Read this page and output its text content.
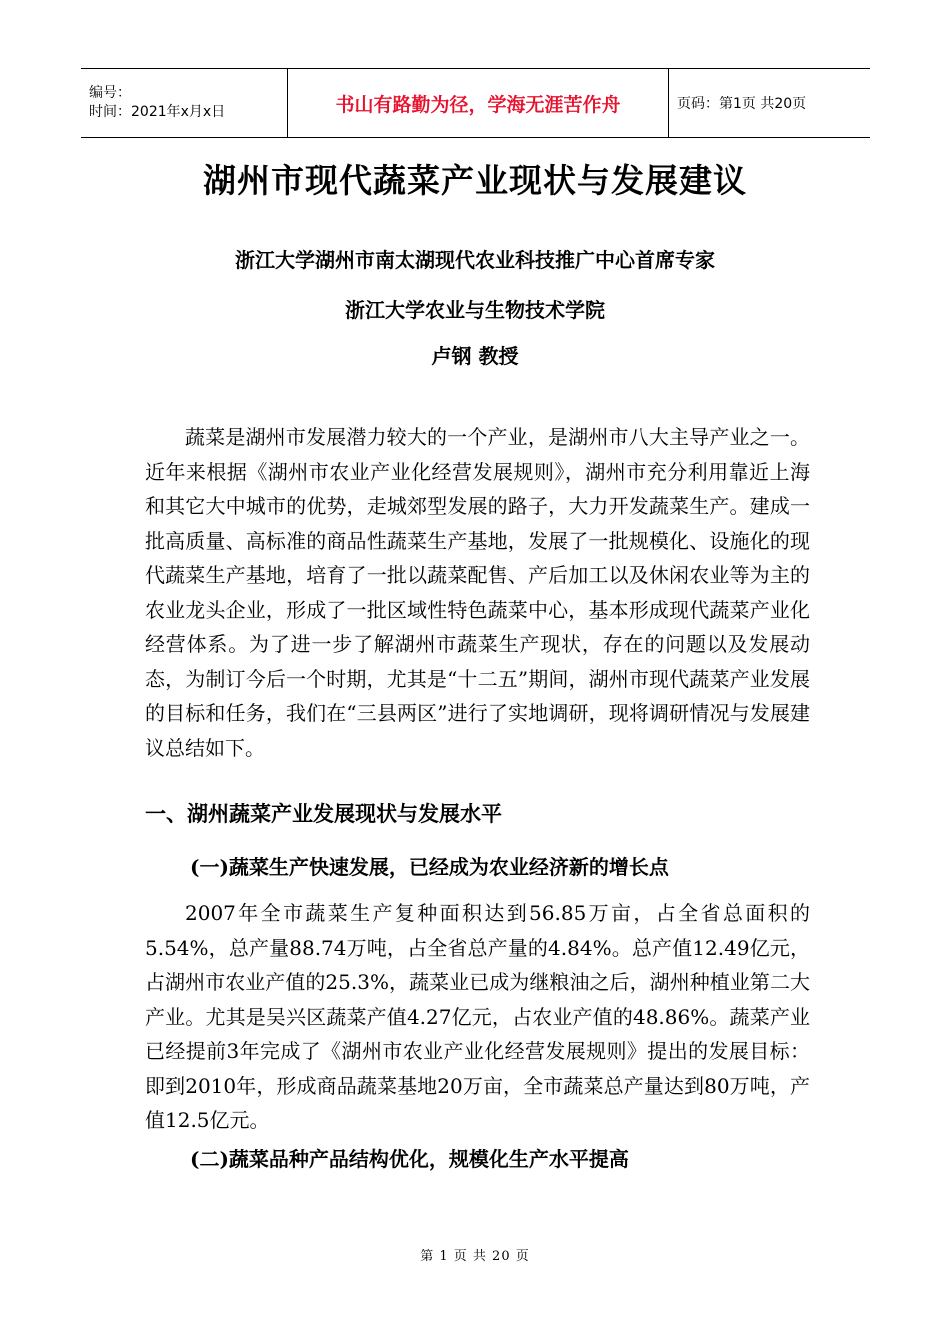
编号：
时间：2021年x月x日	书山有路勤为径，学海无涯苦作舟	页码：第1页 共20页
湖州市现代蔬菜产业现状与发展建议
浙江大学湖州市南太湖现代农业科技推广中心首席专家
浙江大学农业与生物技术学院
卢钢 教授

蔬菜是湖州市发展潜力较大的一个产业，是湖州市八大主导产业之一。近年来根据《湖州市农业产业化经营发展规则》，湖州市充分利用靠近上海和其它大中城市的优势，走城郊型发展的路子，大力开发蔬菜生产。建成一批高质量、高标准的商品性蔬菜生产基地，发展了一批规模化、设施化的现代蔬菜生产基地，培育了一批以蔬菜配售、产后加工以及休闲农业等为主的农业龙头企业，形成了一批区域性特色蔬菜中心，基本形成现代蔬菜产业化经营体系。为了进一步了解湖州市蔬菜生产现状，存在的问题以及发展动态，为制订今后一个时期，尤其是“十二五”期间，湖州市现代蔬菜产业发展的目标和任务，我们在“三县两区”进行了实地调研，现将调研情况与发展建议总结如下。

一、湖州蔬菜产业发展现状与发展水平
(一)蔬菜生产快速发展，已经成为农业经济新的增长点

2007年全市蔬菜生产复种面积达到56.85万亩，占全省总面积的5.54%，总产量88.74万吨，占全省总产量的4.84%。总产值12.49亿元，占湖州市农业产值的25.3%，蔬菜业已成为继粮油之后，湖州种植业第二大产业。尤其是吴兴区蔬菜产值4.27亿元，占农业产值的48.86%。蔬菜产业已经提前3年完成了《湖州市农业产业化经营发展规则》提出的发展目标：即到2010年，形成商品蔬菜基地20万亩，全市蔬菜总产量达到80万吨，产值12.5亿元。

(二)蔬菜品种产品结构优化，规模化生产水平提高
第 1 页 共 20 页
